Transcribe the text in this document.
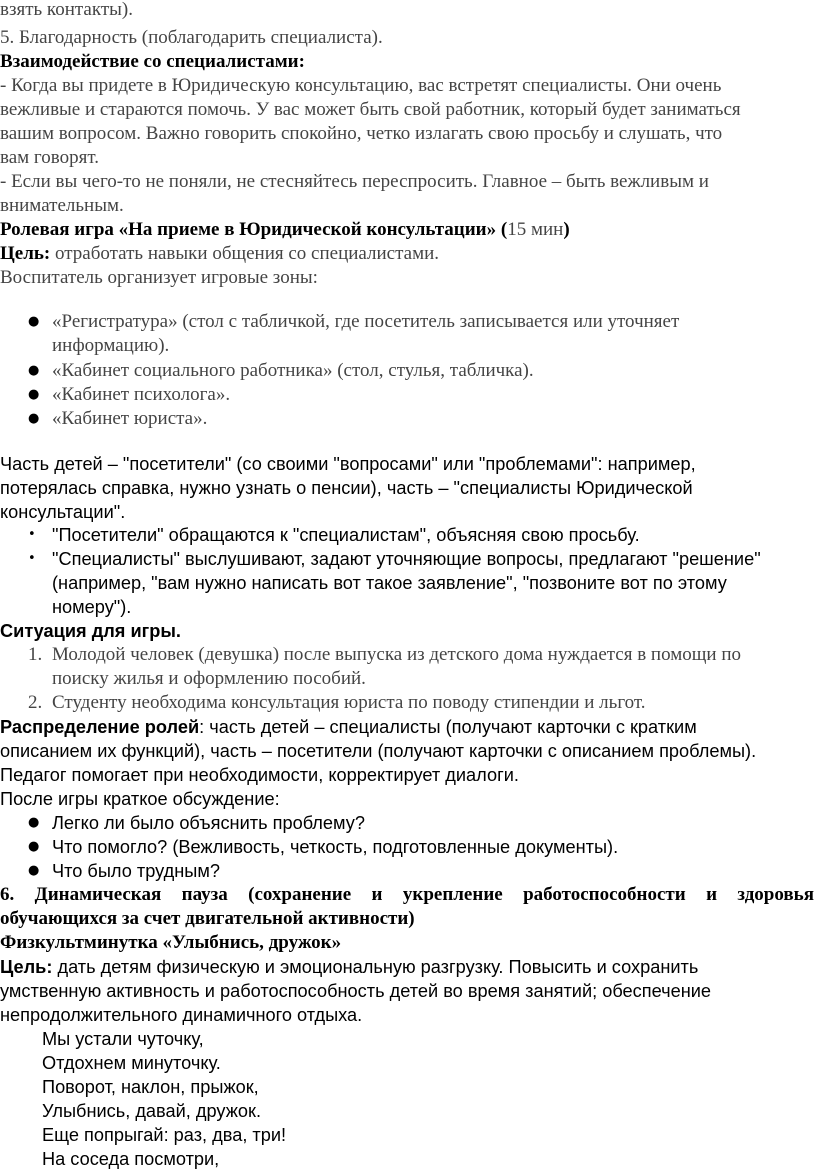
взять контакты).
5. Благодарность (поблагодарить специалиста).
Взаимодействие со специалистами:
- Когда вы придете в Юридическую консультацию, вас встретят специалисты. Они очень
вежливые и стараются помочь. У вас может быть свой работник, который будет заниматься
вашим вопросом. Важно говорить спокойно, четко излагать свою просьбу и слушать, что
вам говорят.
- Если вы чего-то не поняли, не стесняйтесь переспросить. Главное – быть вежливым и
внимательным.
Ролевая игра «На приеме в Юридической консультации» (15 мин)
Цель: отработать навыки общения со специалистами.
Воспитатель организует игровые зоны:
● «Регистратура» (стол с табличкой, где посетитель записывается или уточняет
информацию).
● «Кабинет социального работника» (стол, стулья, табличка).
● «Кабинет психолога».
● «Кабинет юриста».
Часть детей – "посетители" (со своими "вопросами" или "проблемами": например,
потерялась справка, нужно узнать о пенсии), часть – "специалисты Юридической
консультации".
• "Посетители" обращаются к "специалистам", объясняя свою просьбу.
• "Специалисты" выслушивают, задают уточняющие вопросы, предлагают "решение"
(например, "вам нужно написать вот такое заявление", "позвоните вот по этому
номеру").
Ситуация для игры.
1. Молодой человек (девушка) после выпуска из детского дома нуждается в помощи по
поиску жилья и оформлению пособий.
2. Студенту необходима консультация юриста по поводу стипендии и льгот.
Распределение ролей: часть детей – специалисты (получают карточки с кратким
описанием их функций), часть – посетители (получают карточки с описанием проблемы).
Педагог помогает при необходимости, корректирует диалоги.
После игры краткое обсуждение:
● Легко ли было объяснить проблему?
● Что помогло? (Вежливость, четкость, подготовленные документы).
● Что было трудным?
6. Динамическая пауза (сохранение и укрепление работоспособности и здоровья
обучающихся за счет двигательной активности)
Физкультминутка «Улыбнись, дружок»
Цель: дать детям физическую и эмоциональную разгрузку. Повысить и сохранить
умственную активность и работоспособность детей во время занятий; обеспечение
непродолжительного динамичного отдыха.
Мы устали чуточку,
Отдохнем минуточку.
Поворот, наклон, прыжок,
Улыбнись, давай, дружок.
Еще попрыгай: раз, два, три!
На соседа посмотри,
